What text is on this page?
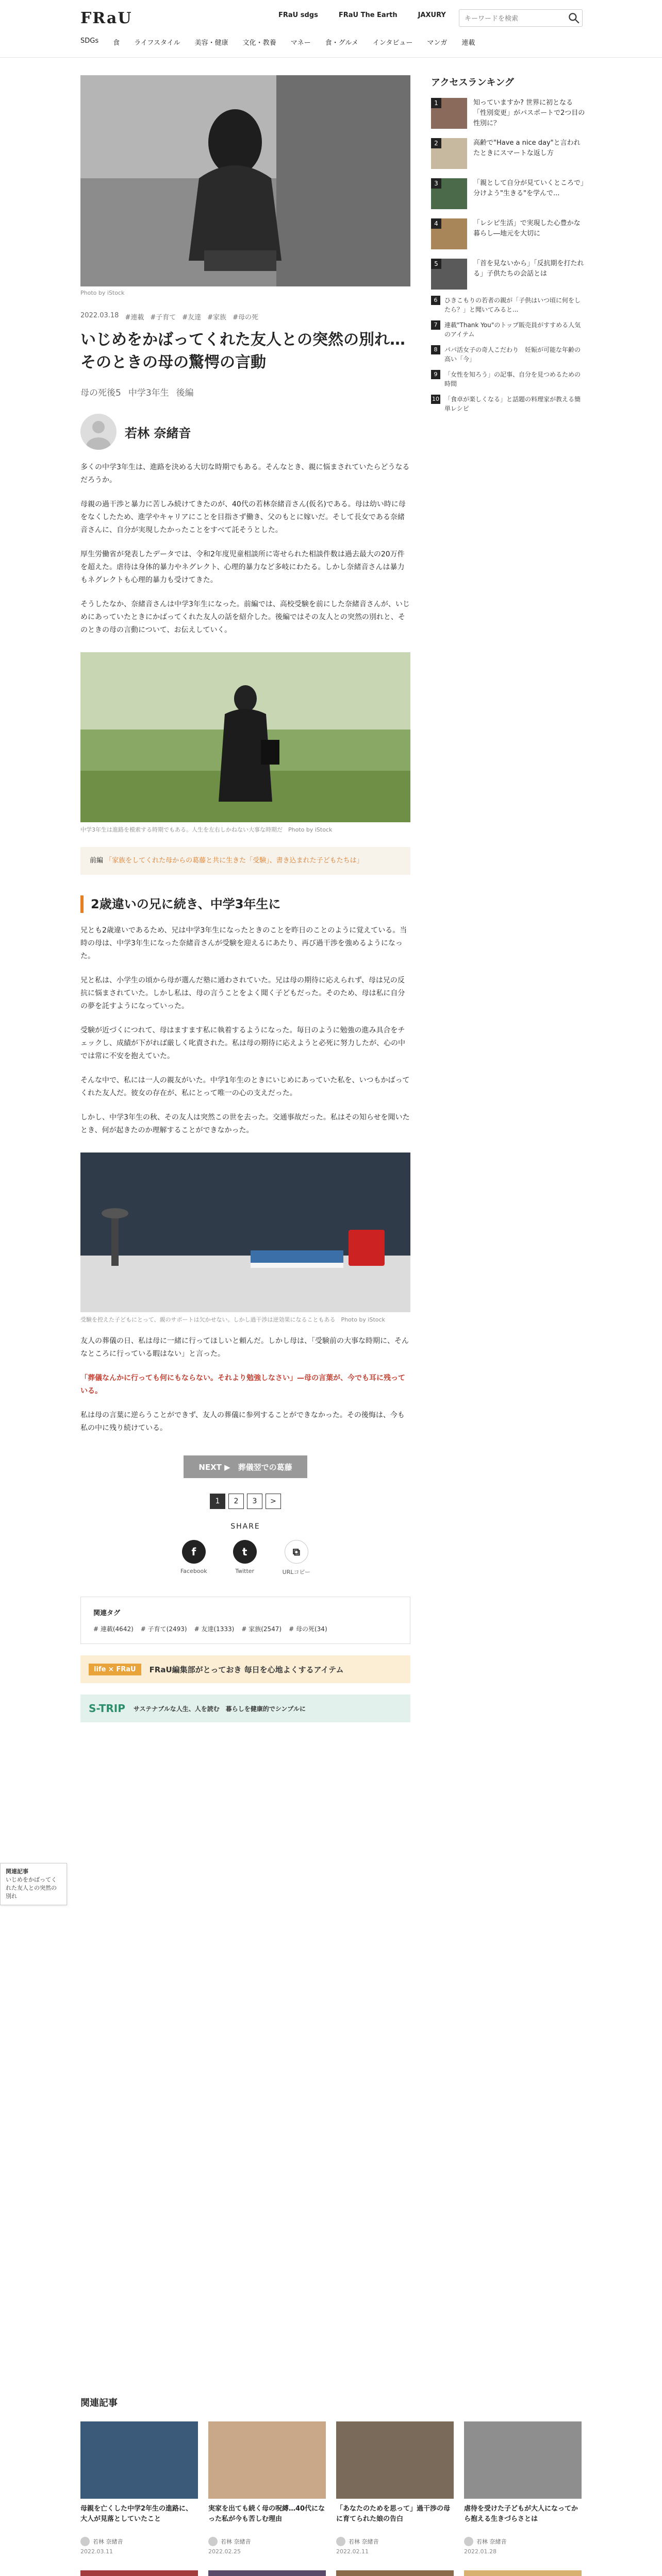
FRaU	FRaU sdgs	FRaU The Earth	JAXURY
キーワードを検索
SDGs 食 ライフスタイル 美容・健康 文化・教養 マネー 食・グルメ インタビュー マンガ 連載
Photo by iStock
2022.03.18 #連載 #子育て #友達 #家族 #母の死
いじめをかばってくれた友人との突然の別れ…そのときの母の驚愕の言動
母の死後5 中学3年生 後編
若林 奈緒音

多くの中学3年生は、進路を決める大切な時期でもある。そんなとき、親に悩まされていたらどうなるだろうか。

母親の過干渉と暴力に苦しみ続けてきたのが、40代の若林奈緒音さん(仮名)である。母は幼い時に母をなくしたため、進学やキャリアにことを目指さず働き、父のもとに嫁いだ。そして長女である奈緒音さんに、自分が実現したかったことをすべて託そうとした。

厚生労働省が発表したデータでは、令和2年度児童相談所に寄せられた相談件数は過去最大の20万件を超えた。虐待は身体的暴力やネグレクト、心理的暴力など多岐にわたる。しかし奈緒音さんは暴力もネグレクトも心理的暴力も受けてきた。

そうしたなか、奈緒音さんは中学3年生になった。前編では、高校受験を前にした奈緒音さんが、いじめにあっていたときにかばってくれた友人の話を紹介した。後編ではその友人との突然の別れと、そのときの母の言動について、お伝えしていく。

中学3年生は進路を模索する時期でもある。人生を左右しかねない大事な時期だ　Photo by iStock
前編 「家族をしてくれた母からの葛藤と共に生きた「受験」、書き込まれた子どもたちは」
2歳違いの兄に続き、中学3年生に

兄とも2歳違いであるため、兄は中学3年生になったときのことを昨日のことのように覚えている。当時の母は、中学3年生になった奈緒音さんが受験を迎えるにあたり、再び過干渉を強めるようになった。

兄と私は、小学生の頃から母が選んだ塾に通わされていた。兄は母の期待に応えられず、母は兄の反抗に悩まされていた。しかし私は、母の言うことをよく聞く子どもだった。そのため、母は私に自分の夢を託すようになっていった。

受験が近づくにつれて、母はますます私に執着するようになった。毎日のように勉強の進み具合をチェックし、成績が下がれば厳しく叱責された。私は母の期待に応えようと必死に努力したが、心の中では常に不安を抱えていた。

そんな中で、私には一人の親友がいた。中学1年生のときにいじめにあっていた私を、いつもかばってくれた友人だ。彼女の存在が、私にとって唯一の心の支えだった。

しかし、中学3年生の秋、その友人は突然この世を去った。交通事故だった。私はその知らせを聞いたとき、何が起きたのか理解することができなかった。

受験を控えた子どもにとって、親のサポートは欠かせない。しかし過干渉は逆効果になることもある　Photo by iStock

友人の葬儀の日、私は母に一緒に行ってほしいと頼んだ。しかし母は、「受験前の大事な時期に、そんなところに行っている暇はない」と言った。

「葬儀なんかに行っても何にもならない。それより勉強しなさい」—母の言葉が、今でも耳に残っている。

私は母の言葉に逆らうことができず、友人の葬儀に参列することができなかった。その後悔は、今も私の中に残り続けている。

NEXT ▶　葬儀翌での葛藤
1	2	3	>
SHARE
f
Facebook
t
Twitter
⧉
URLコピー
関連タグ
# 連載(4642) # 子育て(2493) # 友達(1333) # 家族(2547) # 母の死(34)
life × FRaU	FRaU編集部がとっておき 毎日を心地よくするアイテム
S-TRIP サステナブルな人生、人を読む　暮らしを健康的でシンプルに
アクセスランキング
1	知っていますか? 世界に初となる「性別変更」がパスポートで2つ目の性別に？
2	高齢で"Have a nice day"と言われたときにスマートな返し方
3	「親として自分が見ていくところで」分けよう"生きる"を学んで...
4	「レシピ生活」で実現した心豊かな暮らし―地元を大切に
5	「首を見ないから」「反抗期を打たれる」子供たちの会話とは
6	ひきこもりの若者の親が「子供はいつ頃に何をしたら？」と聞いてみると...
7	連載"Thank You"のトップ販売員がすすめる人気のアイテム
8	パパ活女子の奇人こだわり　妊娠が可能な年齢の高い「今」
9	「女性を知ろう」の記事、自分を見つめるための時間
10 「食卓が楽しくなる」と話題の料理家が教える簡単レシピ
関連記事
いじめをかばってくれた友人との突然の別れ
関連記事
母親を亡くした中学2年生の進路に、大人が見落としていたこと
若林 奈緒音
2022.03.11
実家を出ても続く母の呪縛…40代になった私が今も苦しむ理由
若林 奈緒音
2022.02.25
「あなたのためを思って」過干渉の母に育てられた娘の告白
若林 奈緒音
2022.02.11
虐待を受けた子どもが大人になってから抱える生きづらさとは
若林 奈緒音
2022.01.28
